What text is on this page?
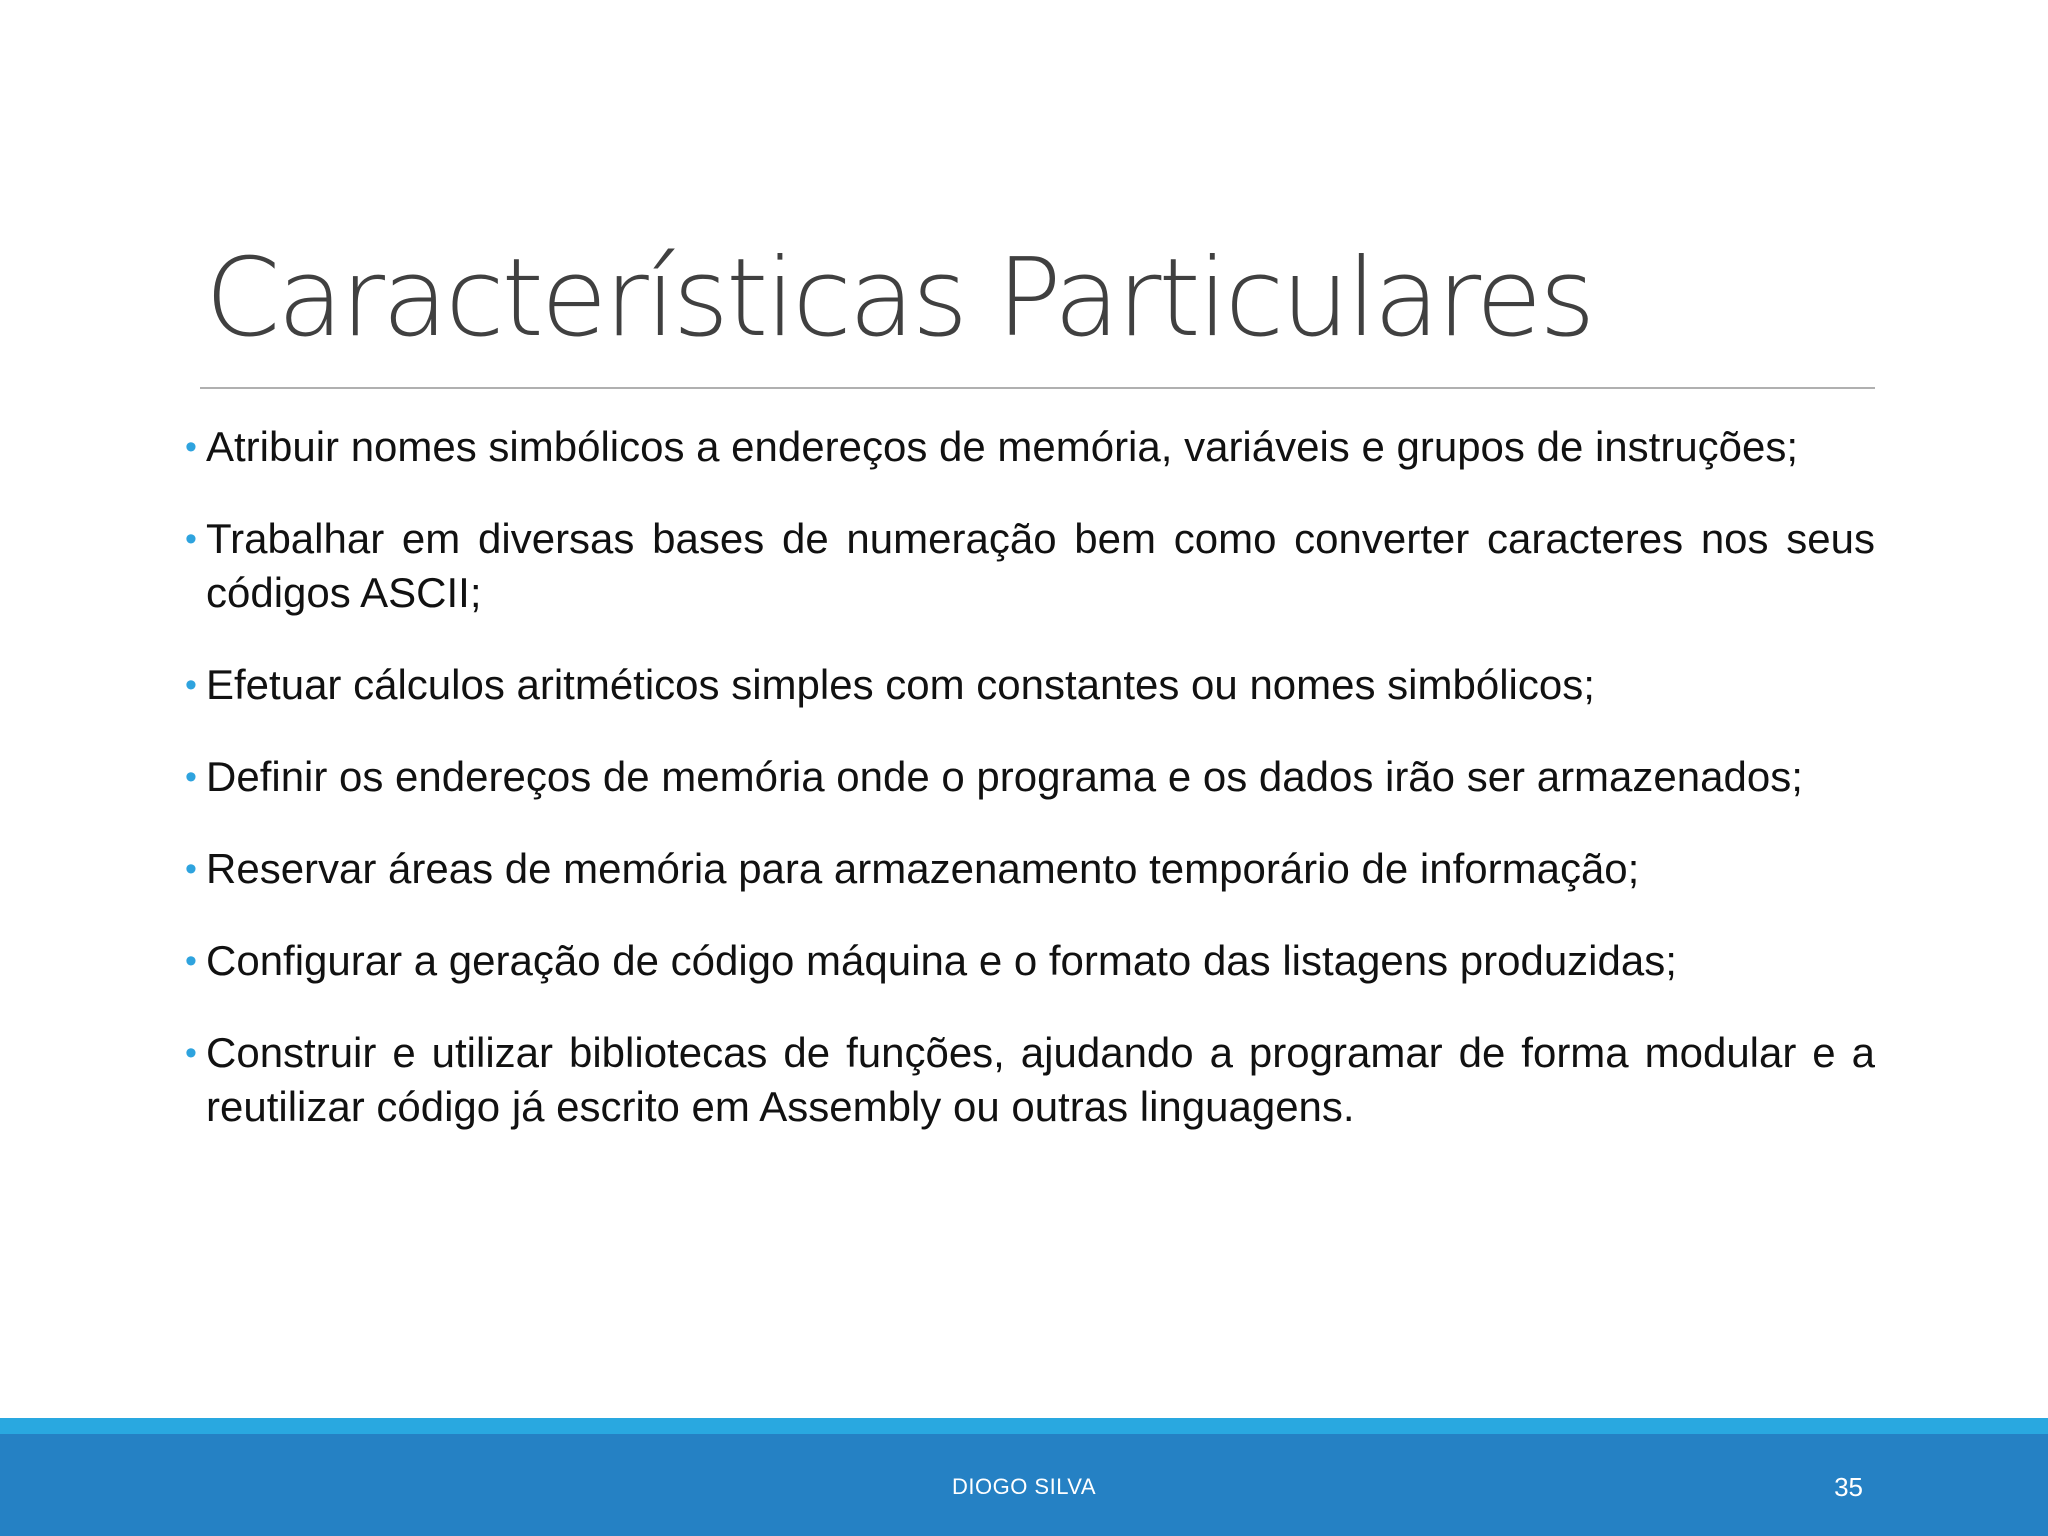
Características Particulares
• Atribuir nomes simbólicos a endereços de memória, variáveis e grupos de instruções;
• Trabalhar em diversas bases de numeração bem como converter caracteres nos seus códigos ASCII;
• Efetuar cálculos aritméticos simples com constantes ou nomes simbólicos;
• Definir os endereços de memória onde o programa e os dados irão ser armazenados;
• Reservar áreas de memória para armazenamento temporário de informação;
• Configurar a geração de código máquina e o formato das listagens produzidas;
• Construir e utilizar bibliotecas de funções, ajudando a programar de forma modular e a reutilizar código já escrito em Assembly ou outras linguagens.
DIOGO SILVA	35
